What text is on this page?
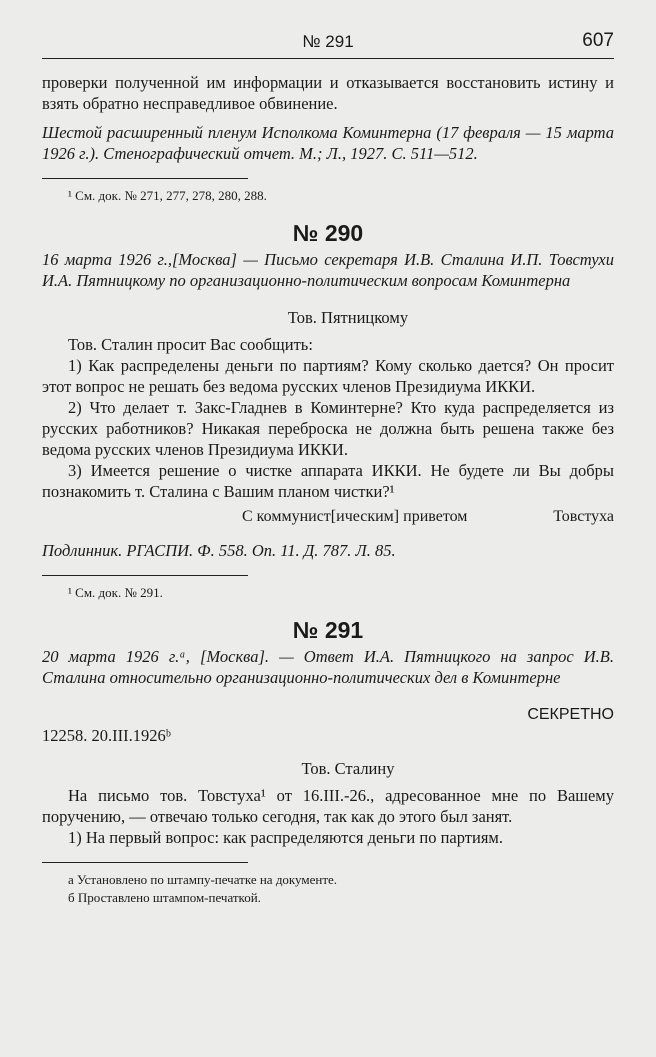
№ 291	607

проверки полученной им информации и отказывается восстановить истину и взять обратно несправедливое обвинение.

Шестой расширенный пленум Исполкома Коминтерна (17 февраля — 15 марта 1926 г.). Стенографический отчет. М.; Л., 1927. С. 511—512.

¹ См. док. № 271, 277, 278, 280, 288.

№ 290

16 марта 1926 г.,[Москва] — Письмо секретаря И.В. Сталина И.П. Товстухи И.А. Пятницкому по организационно-политическим вопросам Коминтерна

Тов. Пятницкому

Тов. Сталин просит Вас сообщить:

1) Как распределены деньги по партиям? Кому сколько дается? Он просит этот вопрос не решать без ведома русских членов Президиума ИККИ.

2) Что делает т. Закс-Гладнев в Коминтерне? Кто куда распределяется из русских работников? Никакая переброска не должна быть решена также без ведома русских членов Президиума ИККИ.

3) Имеется решение о чистке аппарата ИККИ. Не будете ли Вы добры познакомить т. Сталина с Вашим планом чистки?¹

С коммунист[ическим] приветом	Товстуха

Подлинник. РГАСПИ. Ф. 558. Оп. 11. Д. 787. Л. 85.

¹ См. док. № 291.

№ 291

20 марта 1926 г.ᵃ, [Москва]. — Ответ И.А. Пятницкого на запрос И.В. Сталина относительно организационно-политических дел в Коминтерне

СЕКРЕТНО

12258. 20.III.1926ᵇ

Тов. Сталину

На письмо тов. Товстуха¹ от 16.III.-26., адресованное мне по Вашему поручению, — отвечаю только сегодня, так как до этого был занят.

1) На первый вопрос: как распределяются деньги по партиям.

а Установлено по штампу-печатке на документе.

б Проставлено штампом-печаткой.
